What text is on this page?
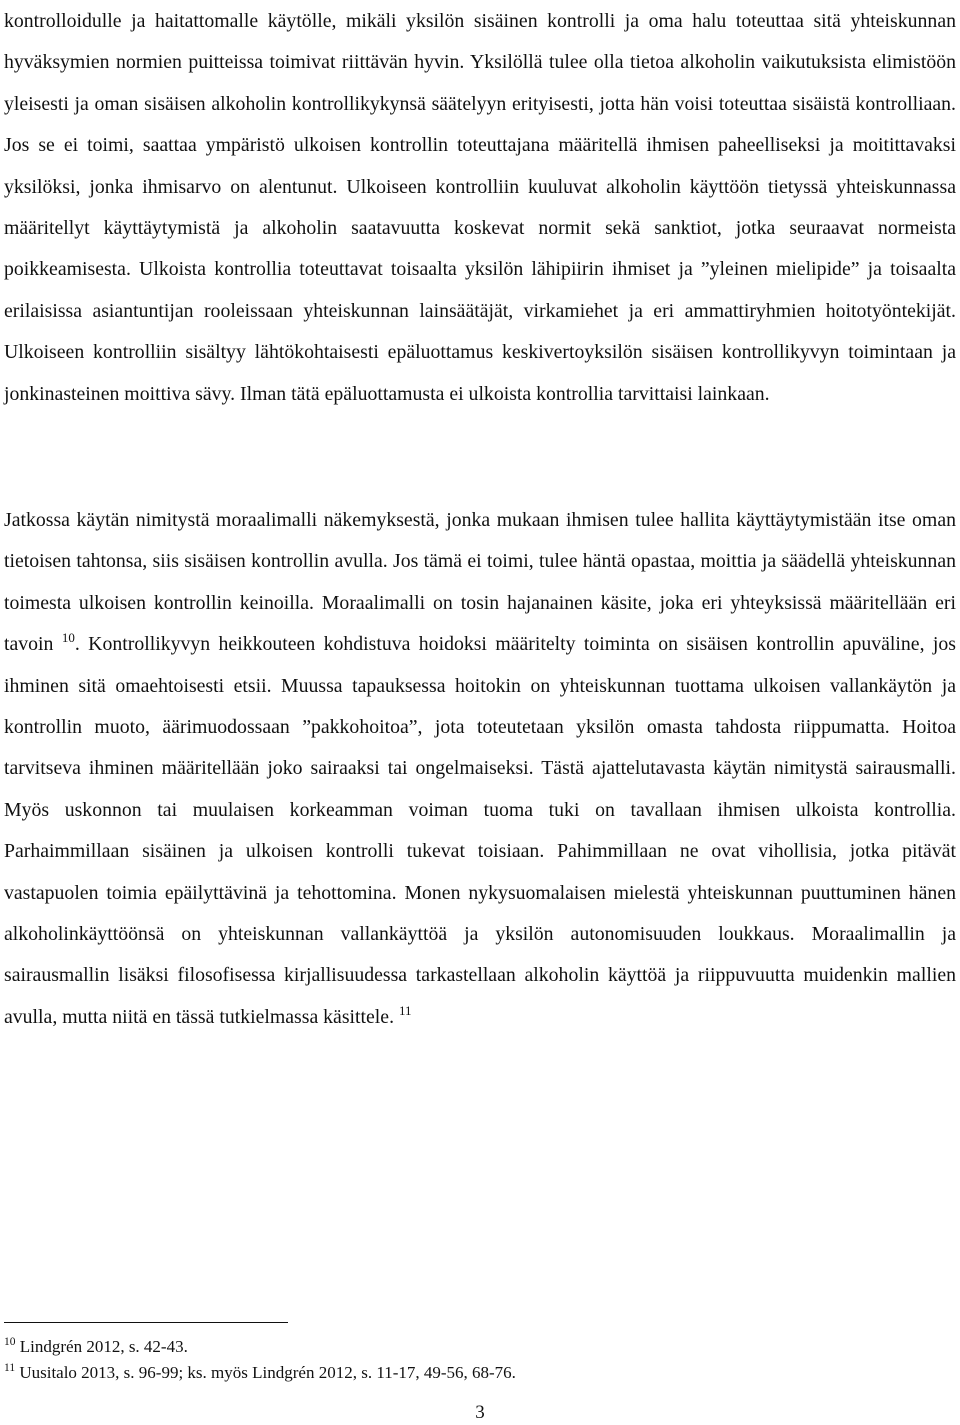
kontrolloidulle ja haitattomalle käytölle, mikäli yksilön sisäinen kontrolli ja oma halu toteuttaa sitä yhteiskunnan hyväksymien normien puitteissa toimivat riittävän hyvin. Yksilöllä tulee olla tietoa alkoholin vaikutuksista elimistöön yleisesti ja oman sisäisen alkoholin kontrollikykynsä säätelyyn erityisesti, jotta hän voisi toteuttaa sisäistä kontrolliaan. Jos se ei toimi, saattaa ympäristö ulkoisen kontrollin toteuttajana määritellä ihmisen paheelliseksi ja moitittavaksi yksilöksi, jonka ihmisarvo on alentunut. Ulkoiseen kontrolliin kuuluvat alkoholin käyttöön tietyssä yhteiskunnassa määritellyt käyttäytymistä ja alkoholin saatavuutta koskevat normit sekä sanktiot, jotka seuraavat normeista poikkeamisesta. Ulkoista kontrollia toteuttavat toisaalta yksilön lähipiirin ihmiset ja ”yleinen mielipide” ja toisaalta erilaisissa asiantuntijan rooleissaan yhteiskunnan lainsäätäjät, virkamiehet ja eri ammattiryhmien hoitotyöntekijät. Ulkoiseen kontrolliin sisältyy lähtökohtaisesti epäluottamus keskivertoyksilön sisäisen kontrollikyvyn toimintaan ja jonkinasteinen moittiva sävy. Ilman tätä epäluottamusta ei ulkoista kontrollia tarvittaisi lainkaan.

Jatkossa käytän nimitystä moraalimalli näkemyksestä, jonka mukaan ihmisen tulee hallita käyttäytymistään itse oman tietoisen tahtonsa, siis sisäisen kontrollin avulla. Jos tämä ei toimi, tulee häntä opastaa, moittia ja säädellä yhteiskunnan toimesta ulkoisen kontrollin keinoilla. Moraalimalli on tosin hajanainen käsite, joka eri yhteyksissä määritellään eri tavoin $^{10}$. Kontrollikyvyn heikkouteen kohdistuva hoidoksi määritelty toiminta on sisäisen kontrollin apuväline, jos ihminen sitä omaehtoisesti etsii. Muussa tapauksessa hoitokin on yhteiskunnan tuottama ulkoisen vallankäytön ja kontrollin muoto, äärimuodossaan ”pakkohoitoa”, jota toteutetaan yksilön omasta tahdosta riippumatta. Hoitoa tarvitseva ihminen määritellään joko sairaaksi tai ongelmaiseksi. Tästä ajattelutavasta käytän nimitystä sairausmalli. Myös uskonnon tai muulaisen korkeamman voiman tuoma tuki on tavallaan ihmisen ulkoista kontrollia. Parhaimmillaan sisäinen ja ulkoisen kontrolli tukevat toisiaan. Pahimmillaan ne ovat vihollisia, jotka pitävät vastapuolen toimia epäilyttävinä ja tehottomina. Monen nykysuomalaisen mielestä yhteiskunnan puuttuminen hänen alkoholinkäyttöönsä on yhteiskunnan vallankäyttöä ja yksilön autonomisuuden loukkaus. Moraalimallin ja sairausmallin lisäksi filosofisessa kirjallisuudessa tarkastellaan alkoholin käyttöä ja riippuvuutta muidenkin mallien avulla, mutta niitä en tässä tutkielmassa käsittele. $^{11}$

$^{10}$ Lindgrén 2012, s. 42-43.

$^{11}$ Uusitalo 2013, s. 96-99; ks. myös Lindgrén 2012, s. 11-17, 49-56, 68-76.

3
